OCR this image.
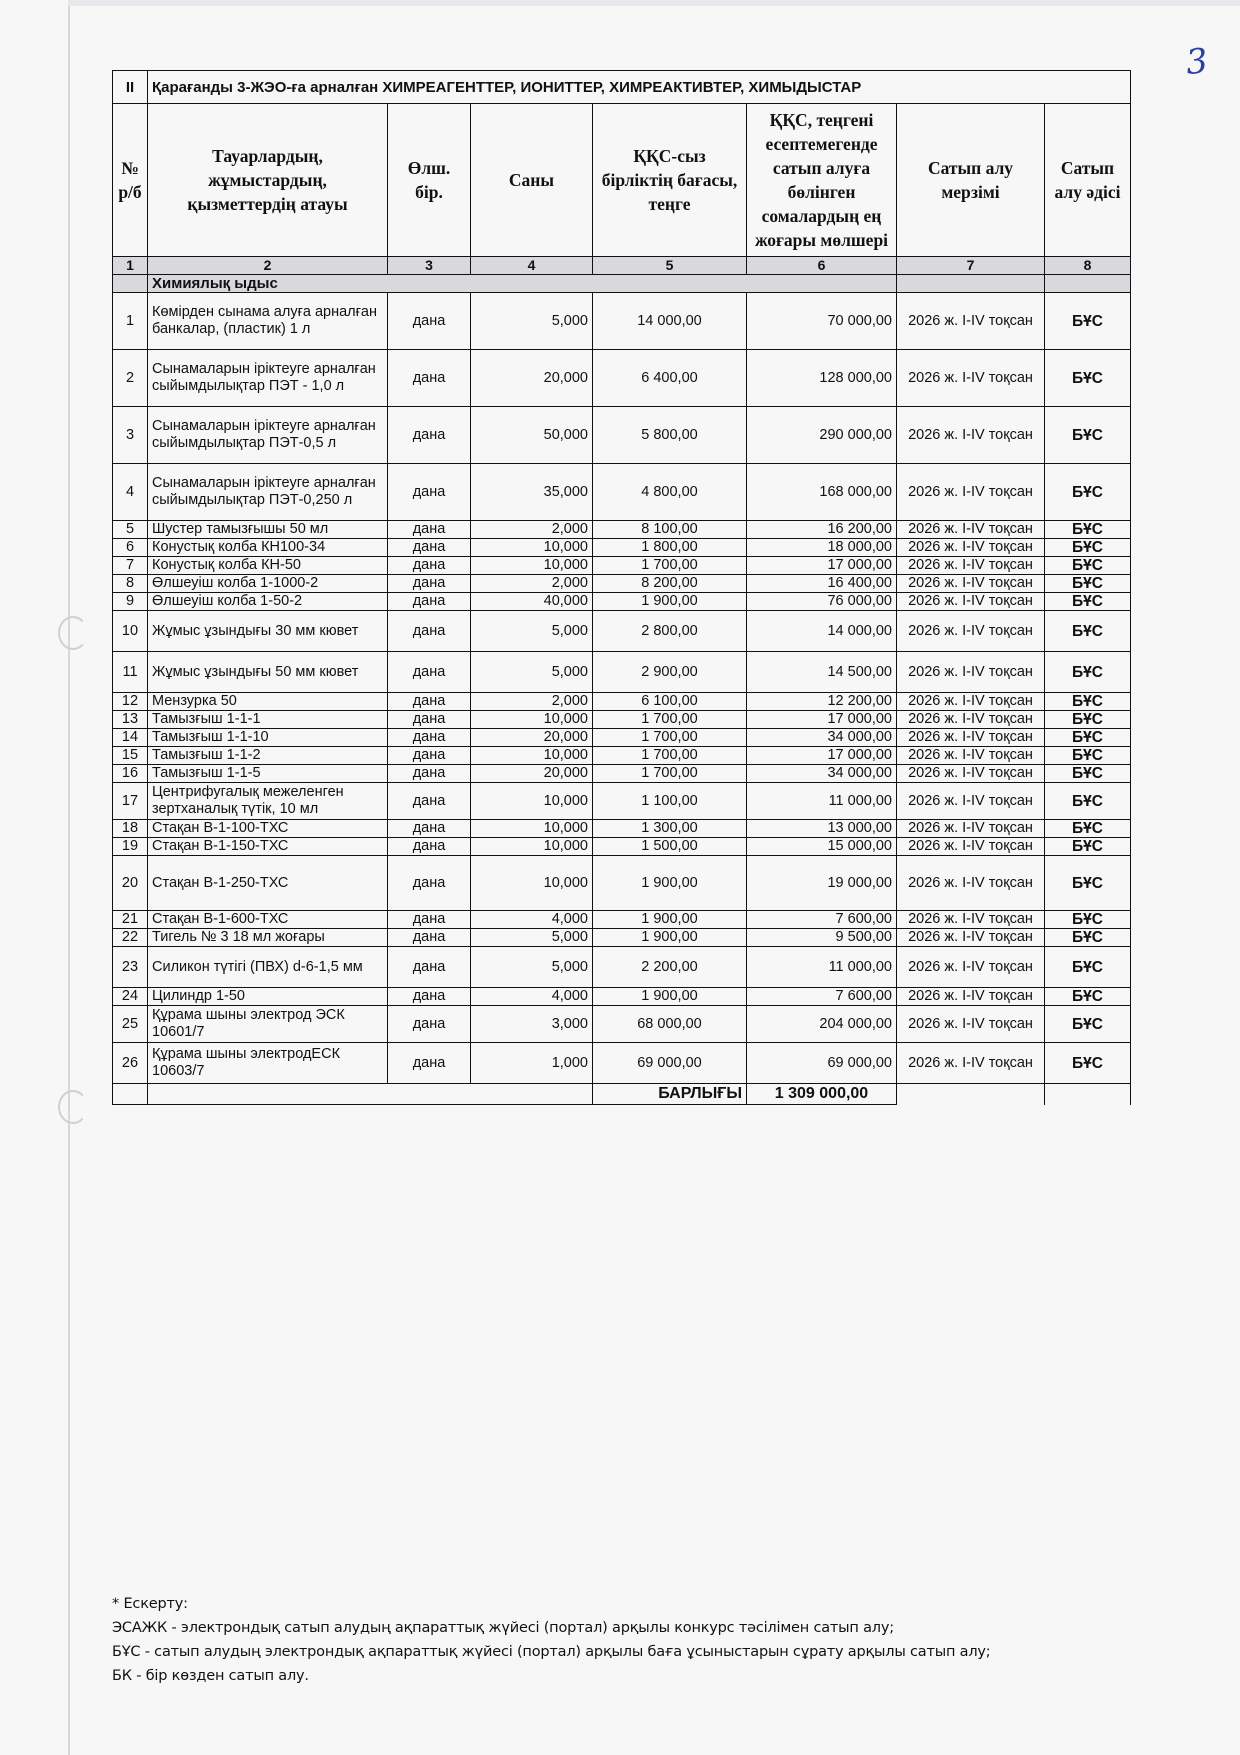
3
II	Қарағанды 3-ЖЭО-ға арналған ХИМРЕАГЕНТТЕР, ИОНИТТЕР, ХИМРЕАКТИВТЕР, ХИМЫДЫСТАР						
№ р/б	Тауарлардың, жұмыстардың, қызметтердің атауы	Өлш. бір.	Саны	ҚҚС-сыз бірліктің бағасы, теңге	ҚҚС, теңгені есептемегенде сатып алуға бөлінген сомалардың ең жоғары мөлшері	Сатып алу мерзімі	Сатып алу әдісі
1	2	3	4	5	6	7	8
	Химиялық ыдыс						
1	Көмірден сынама алуға арналған банкалар, (пластик) 1 л	дана	5,000	14 000,00	70 000,00	2026 ж. I-IV тоқсан	БҰС
2	Сынамаларын іріктеуге арналған сыйымдылықтар ПЭТ - 1,0 л	дана	20,000	6 400,00	128 000,00	2026 ж. I-IV тоқсан	БҰС
3	Сынамаларын іріктеуге арналған сыйымдылықтар ПЭТ-0,5 л	дана	50,000	5 800,00	290 000,00	2026 ж. I-IV тоқсан	БҰС
4	Сынамаларын іріктеуге арналған сыйымдылықтар ПЭТ-0,250 л	дана	35,000	4 800,00	168 000,00	2026 ж. I-IV тоқсан	БҰС
5	Шустер тамызғышы 50 мл	дана	2,000	8 100,00	16 200,00	2026 ж. I-IV тоқсан	БҰС
6	Конустық колба КН100-34	дана	10,000	1 800,00	18 000,00	2026 ж. I-IV тоқсан	БҰС
7	Конустық колба КН-50	дана	10,000	1 700,00	17 000,00	2026 ж. I-IV тоқсан	БҰС
8	Өлшеуіш колба 1-1000-2	дана	2,000	8 200,00	16 400,00	2026 ж. I-IV тоқсан	БҰС
9	Өлшеуіш колба 1-50-2	дана	40,000	1 900,00	76 000,00	2026 ж. I-IV тоқсан	БҰС
10	Жұмыс ұзындығы 30 мм кювет	дана	5,000	2 800,00	14 000,00	2026 ж. I-IV тоқсан	БҰС
11	Жұмыс ұзындығы 50 мм кювет	дана	5,000	2 900,00	14 500,00	2026 ж. I-IV тоқсан	БҰС
12	Мензурка 50	дана	2,000	6 100,00	12 200,00	2026 ж. I-IV тоқсан	БҰС
13	Тамызғыш 1-1-1	дана	10,000	1 700,00	17 000,00	2026 ж. I-IV тоқсан	БҰС
14	Тамызғыш 1-1-10	дана	20,000	1 700,00	34 000,00	2026 ж. I-IV тоқсан	БҰС
15	Тамызғыш 1-1-2	дана	10,000	1 700,00	17 000,00	2026 ж. I-IV тоқсан	БҰС
16	Тамызғыш 1-1-5	дана	20,000	1 700,00	34 000,00	2026 ж. I-IV тоқсан	БҰС
17	Центрифугалық межеленген зертханалық түтік, 10 мл	дана	10,000	1 100,00	11 000,00	2026 ж. I-IV тоқсан	БҰС
18	Стақан В-1-100-ТХС	дана	10,000	1 300,00	13 000,00	2026 ж. I-IV тоқсан	БҰС
19	Стақан В-1-150-ТХС	дана	10,000	1 500,00	15 000,00	2026 ж. I-IV тоқсан	БҰС
20	Стақан В-1-250-ТХС	дана	10,000	1 900,00	19 000,00	2026 ж. I-IV тоқсан	БҰС
21	Стақан В-1-600-ТХС	дана	4,000	1 900,00	7 600,00	2026 ж. I-IV тоқсан	БҰС
22	Тигель № 3 18 мл жоғары	дана	5,000	1 900,00	9 500,00	2026 ж. I-IV тоқсан	БҰС
23	Силикон түтігі (ПВХ) d-6-1,5 мм	дана	5,000	2 200,00	11 000,00	2026 ж. I-IV тоқсан	БҰС
24	Цилиндр 1-50	дана	4,000	1 900,00	7 600,00	2026 ж. I-IV тоқсан	БҰС
25	Құрама шыны электрод ЭСК 10601/7	дана	3,000	68 000,00	204 000,00	2026 ж. I-IV тоқсан	БҰС
26	Құрама шыны электродЕСК 10603/7	дана	1,000	69 000,00	69 000,00	2026 ж. I-IV тоқсан	БҰС
				БАРЛЫҒЫ	1 309 000,00		
* Ескерту:
ЭСАЖК - электрондық сатып алудың ақпараттық жүйесі (портал) арқылы конкурс тәсілімен сатып алу;
БҰС - сатып алудың электрондық ақпараттық жүйесі (портал) арқылы баға ұсыныстарын сұрату арқылы сатып алу;
БК - бір көзден сатып алу.
